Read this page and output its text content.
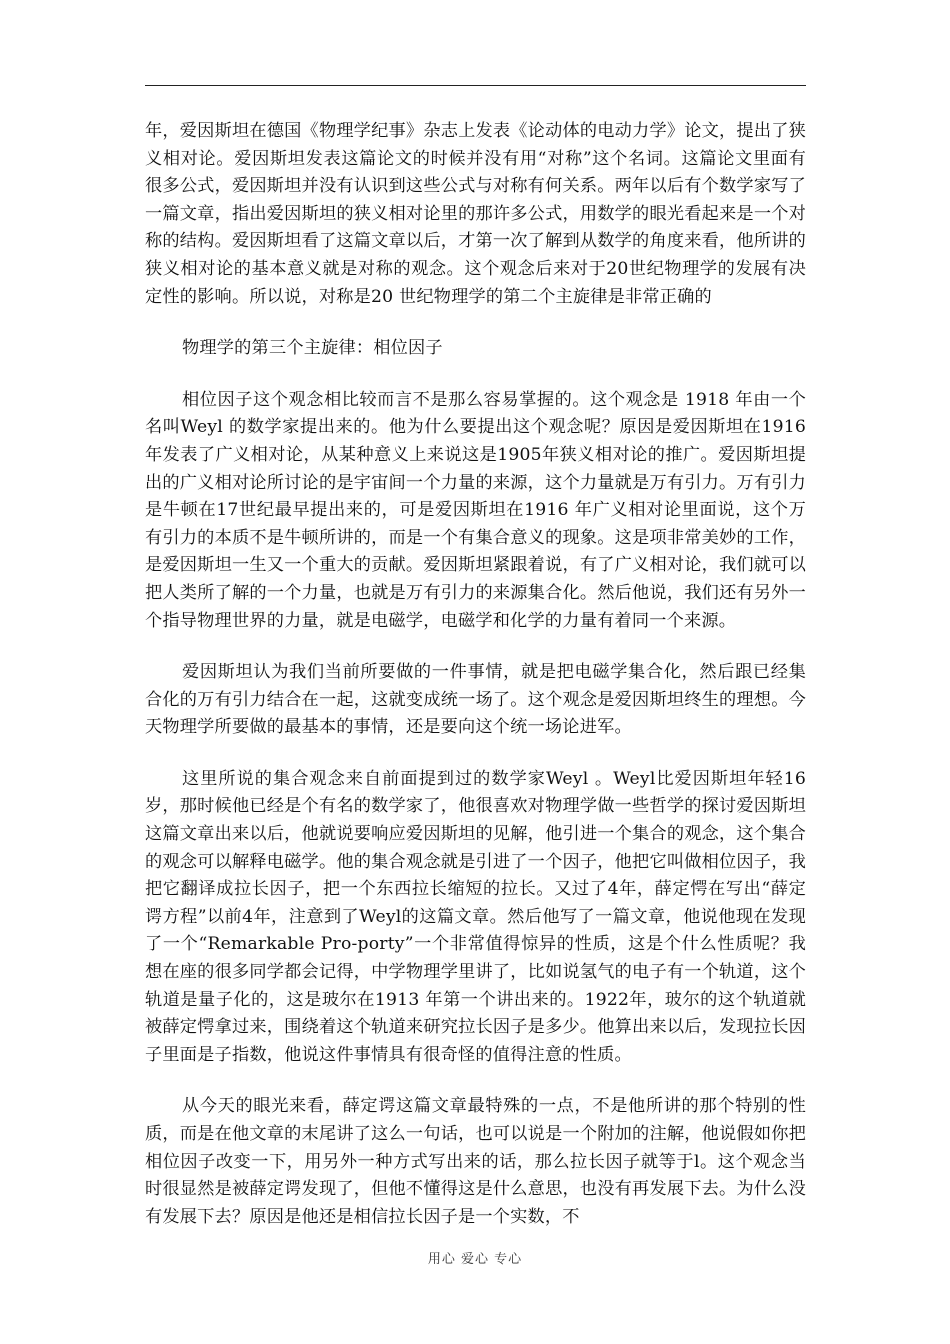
年，爱因斯坦在德国《物理学纪事》杂志上发表《论动体的电动力学》论文，提出了狭义相对论。爱因斯坦发表这篇论文的时候并没有用“对称”这个名词。这篇论文里面有很多公式，爱因斯坦并没有认识到这些公式与对称有何关系。两年以后有个数学家写了一篇文章，指出爱因斯坦的狭义相对论里的那许多公式，用数学的眼光看起来是一个对称的结构。爱因斯坦看了这篇文章以后，才第一次了解到从数学的角度来看，他所讲的狭义相对论的基本意义就是对称的观念。这个观念后来对于20世纪物理学的发展有决定性的影响。所以说，对称是20 世纪物理学的第二个主旋律是非常正确的

物理学的第三个主旋律：相位因子

相位因子这个观念相比较而言不是那么容易掌握的。这个观念是 1918 年由一个名叫Weyl 的数学家提出来的。他为什么要提出这个观念呢？原因是爱因斯坦在1916年发表了广义相对论，从某种意义上来说这是1905年狭义相对论的推广。爱因斯坦提出的广义相对论所讨论的是宇宙间一个力量的来源，这个力量就是万有引力。万有引力是牛顿在17世纪最早提出来的，可是爱因斯坦在1916 年广义相对论里面说，这个万有引力的本质不是牛顿所讲的，而是一个有集合意义的现象。这是项非常美妙的工作，是爱因斯坦一生又一个重大的贡献。爱因斯坦紧跟着说，有了广义相对论，我们就可以把人类所了解的一个力量，也就是万有引力的来源集合化。然后他说，我们还有另外一个指导物理世界的力量，就是电磁学，电磁学和化学的力量有着同一个来源。

爱因斯坦认为我们当前所要做的一件事情，就是把电磁学集合化，然后跟已经集合化的万有引力结合在一起，这就变成统一场了。这个观念是爱因斯坦终生的理想。今天物理学所要做的最基本的事情，还是要向这个统一场论进军。

这里所说的集合观念来自前面提到过的数学家Weyl 。Weyl比爱因斯坦年轻16岁，那时候他已经是个有名的数学家了，他很喜欢对物理学做一些哲学的探讨爱因斯坦这篇文章出来以后，他就说要响应爱因斯坦的见解，他引进一个集合的观念，这个集合的观念可以解释电磁学。他的集合观念就是引进了一个因子，他把它叫做相位因子，我把它翻译成拉长因子，把一个东西拉长缩短的拉长。又过了4年，薛定愕在写出“薛定谔方程”以前4年，注意到了Weyl的这篇文章。然后他写了一篇文章，他说他现在发现了一个“Remarkable Pro-porty”一个非常值得惊异的性质，这是个什么性质呢？我想在座的很多同学都会记得，中学物理学里讲了，比如说氢气的电子有一个轨道，这个轨道是量子化的，这是玻尔在1913 年第一个讲出来的。1922年，玻尔的这个轨道就被薛定愕拿过来，围绕着这个轨道来研究拉长因子是多少。他算出来以后，发现拉长因子里面是子指数，他说这件事情具有很奇怪的值得注意的性质。

从今天的眼光来看，薛定谔这篇文章最特殊的一点，不是他所讲的那个特别的性质，而是在他文章的末尾讲了这么一句话，也可以说是一个附加的注解，他说假如你把相位因子改变一下，用另外一种方式写出来的话，那么拉长因子就等于l。这个观念当时很显然是被薛定谔发现了，但他不懂得这是什么意思，也没有再发展下去。为什么没有发展下去？原因是他还是相信拉长因子是一个实数，不

用心 爱心 专心
